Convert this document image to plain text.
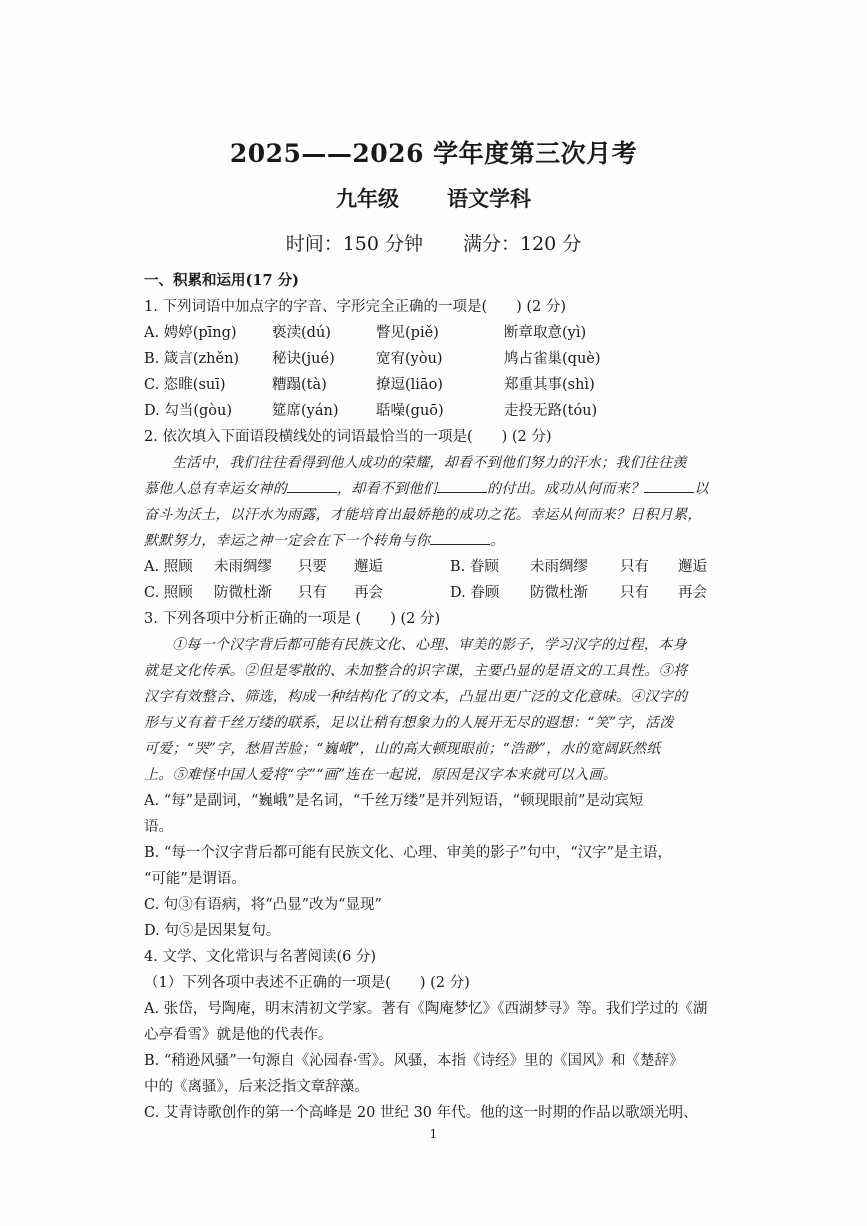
2025——2026 学年度第三次月考
九年级 语文学科
时间：150 分钟 满分：120 分
一、积累和运用(17 分)
1. 下列词语中加点字的字音、字形完全正确的一项是(　　) (2 分)
A. 娉婷(pīng) 亵渎(dú)	瞥见(piě)	断章取意(yì)
B. 箴言(zhěn) 秘诀(jué)	宽宥(yòu)	鸠占雀巢(què)
C. 恣睢(suī)	糟蹋(tà)	撩逗(liāo)	郑重其事(shì)
D. 勾当(gòu)	筵席(yán)	聒噪(guō)	走投无路(tóu)
2. 依次填入下面语段横线处的词语最恰当的一项是(　　) (2 分)
生活中，我们往往看得到他人成功的荣耀，却看不到他们努力的汗水；我们往往羡
慕他人总有幸运女神的	，却看不到他们	的付出。成功从何而来？	以
奋斗为沃土，以汗水为雨露，才能培育出最娇艳的成功之花。幸运从何而来？日积月累，
默默努力，幸运之神一定会在下一个转角与你	。
A. 照顾 未雨绸缪 只要 邂逅	B. 眷顾 未雨绸缪 只有 邂逅
C. 照顾 防微杜渐 只有 再会	D. 眷顾 防微杜渐 只有 再会
3. 下列各项中分析正确的一项是 (　　) (2 分)
①每一个汉字背后都可能有民族文化、心理、审美的影子，学习汉字的过程，本身
就是文化传承。②但是零散的、未加整合的识字课，主要凸显的是语文的工具性。③将
汉字有效整合、筛选，构成一种结构化了的文本，凸显出更广泛的文化意味。④汉字的
形与义有着千丝万缕的联系，足以让稍有想象力的人展开无尽的遐想：“笑”字，活泼
可爱；“哭”字，愁眉苦脸；“巍峨”，山的高大顿现眼前；“浩渺”，水的宽阔跃然纸
上。⑤难怪中国人爱将“字”“画”连在一起说，原因是汉字本来就可以入画。
A. “每”是副词，“巍峨”是名词，“千丝万缕”是并列短语，“顿现眼前”是动宾短
语。
B. “每一个汉字背后都可能有民族文化、心理、审美的影子”句中，“汉字”是主语，
“可能”是谓语。
C. 句③有语病，将“凸显”改为“显现”
D. 句⑤是因果复句。
4. 文学、文化常识与名著阅读(6 分)
（1）下列各项中表述不正确的一项是(　　) (2 分)
A. 张岱，号陶庵，明末清初文学家。著有《陶庵梦忆》《西湖梦寻》等。我们学过的《湖
心亭看雪》就是他的代表作。
B. “稍逊风骚”一句源自《沁园春·雪》。风骚，本指《诗经》里的《国风》和《楚辞》
中的《离骚》，后来泛指文章辞藻。
C. 艾青诗歌创作的第一个高峰是 20 世纪 30 年代。他的这一时期的作品以歌颂光明、
1
